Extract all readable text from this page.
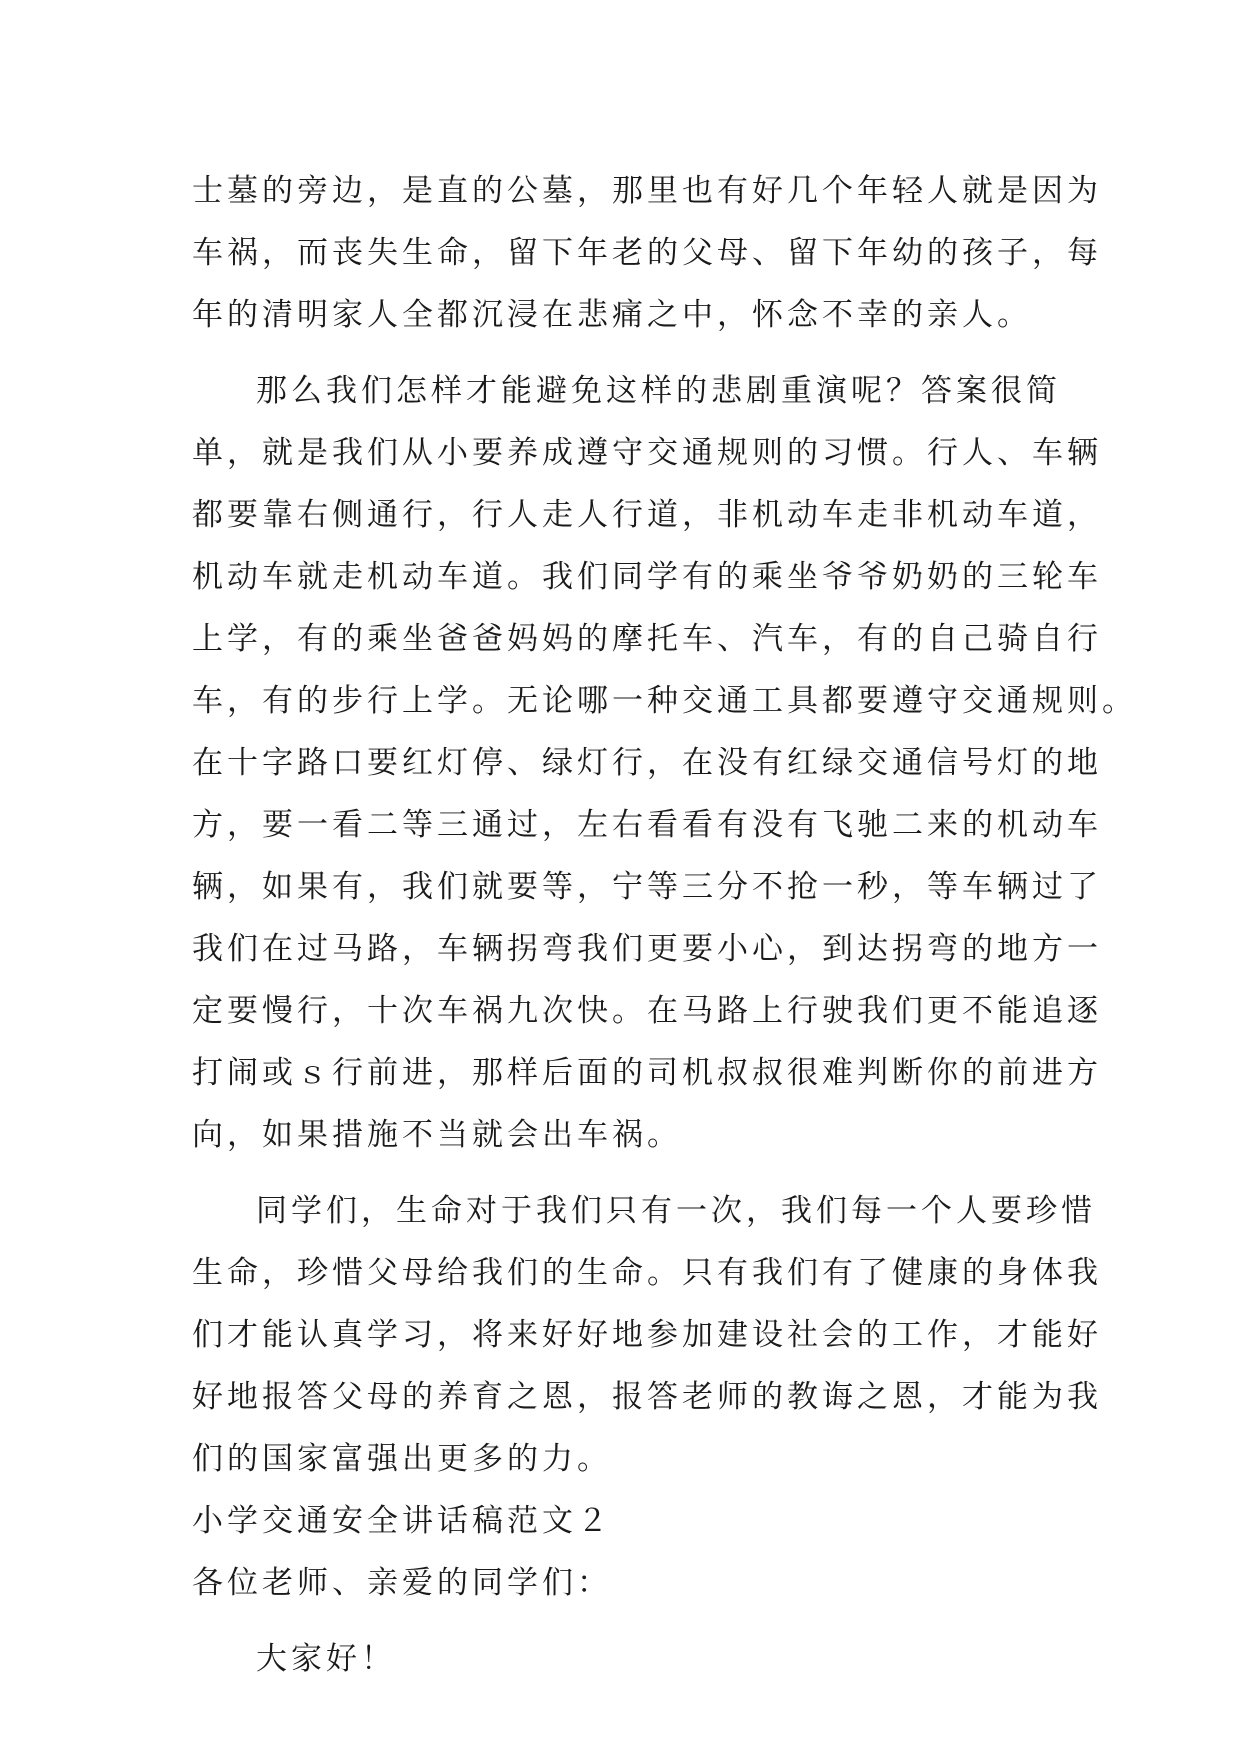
士墓的旁边，是直的公墓，那里也有好几个年轻人就是因为
车祸，而丧失生命，留下年老的父母、留下年幼的孩子，每
年的清明家人全都沉浸在悲痛之中，怀念不幸的亲人。
那么我们怎样才能避免这样的悲剧重演呢？答案很简
单，就是我们从小要养成遵守交通规则的习惯。行人、车辆
都要靠右侧通行，行人走人行道，非机动车走非机动车道，
机动车就走机动车道。我们同学有的乘坐爷爷奶奶的三轮车
上学，有的乘坐爸爸妈妈的摩托车、汽车，有的自己骑自行
车，有的步行上学。无论哪一种交通工具都要遵守交通规则。
在十字路口要红灯停、绿灯行，在没有红绿交通信号灯的地
方，要一看二等三通过，左右看看有没有飞驰二来的机动车
辆，如果有，我们就要等，宁等三分不抢一秒，等车辆过了
我们在过马路，车辆拐弯我们更要小心，到达拐弯的地方一
定要慢行，十次车祸九次快。在马路上行驶我们更不能追逐
打闹或ｓ行前进，那样后面的司机叔叔很难判断你的前进方
向，如果措施不当就会出车祸。
同学们，生命对于我们只有一次，我们每一个人要珍惜
生命，珍惜父母给我们的生命。只有我们有了健康的身体我
们才能认真学习，将来好好地参加建设社会的工作，才能好
好地报答父母的养育之恩，报答老师的教诲之恩，才能为我
们的国家富强出更多的力。
小学交通安全讲话稿范文２
各位老师、亲爱的同学们：
大家好！
